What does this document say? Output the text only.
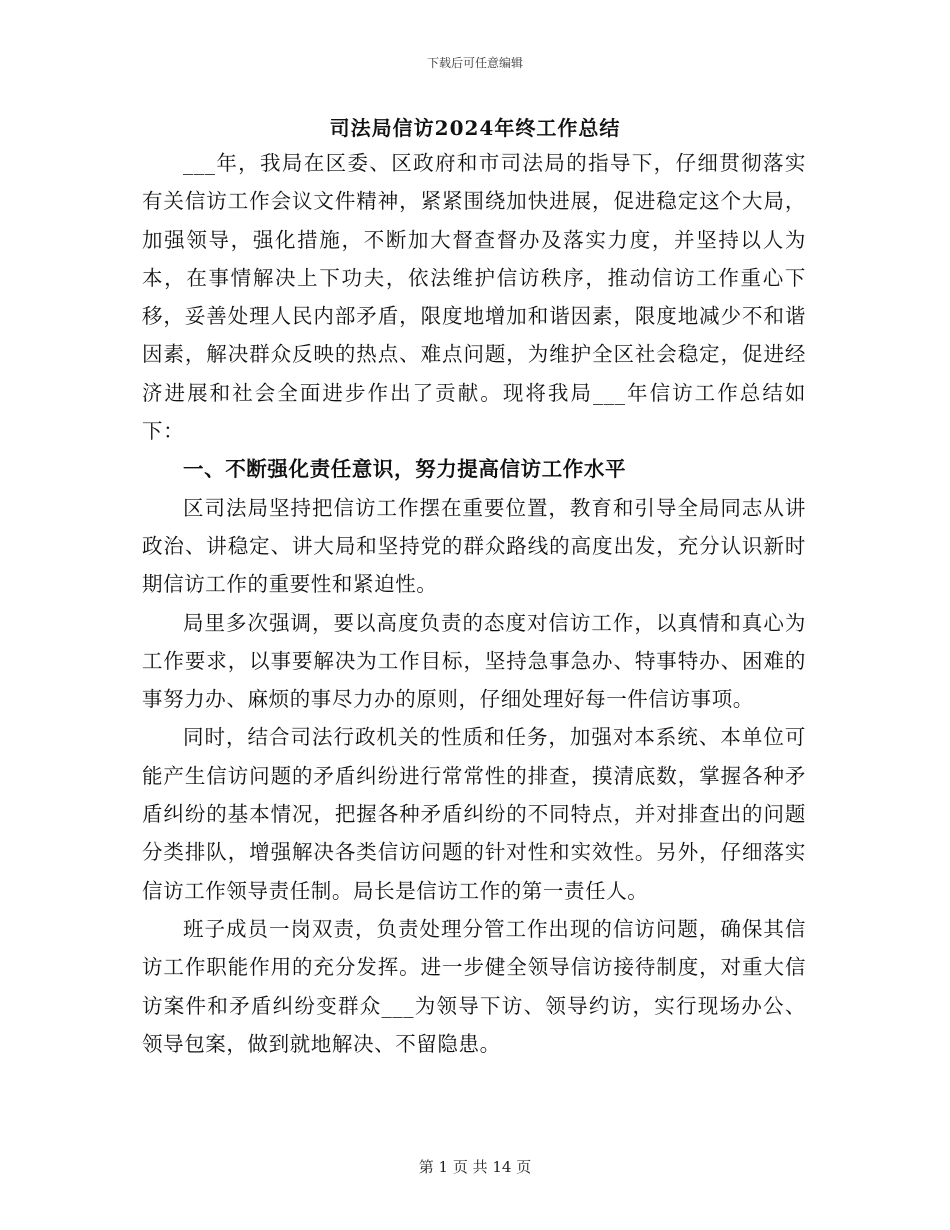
下载后可任意编辑
司法局信访2024年终工作总结

___年，我局在区委、区政府和市司法局的指导下，仔细贯彻落实有关信访工作会议文件精神，紧紧围绕加快进展，促进稳定这个大局，加强领导，强化措施，不断加大督查督办及落实力度，并坚持以人为本，在事情解决上下功夫，依法维护信访秩序，推动信访工作重心下移，妥善处理人民内部矛盾，限度地增加和谐因素，限度地减少不和谐因素，解决群众反映的热点、难点问题，为维护全区社会稳定，促进经济进展和社会全面进步作出了贡献。现将我局___年信访工作总结如下：

一、不断强化责任意识，努力提高信访工作水平

区司法局坚持把信访工作摆在重要位置，教育和引导全局同志从讲政治、讲稳定、讲大局和坚持党的群众路线的高度出发，充分认识新时期信访工作的重要性和紧迫性。

局里多次强调，要以高度负责的态度对信访工作，以真情和真心为工作要求，以事要解决为工作目标，坚持急事急办、特事特办、困难的事努力办、麻烦的事尽力办的原则，仔细处理好每一件信访事项。

同时，结合司法行政机关的性质和任务，加强对本系统、本单位可能产生信访问题的矛盾纠纷进行常常性的排查，摸清底数，掌握各种矛盾纠纷的基本情况，把握各种矛盾纠纷的不同特点，并对排查出的问题分类排队，增强解决各类信访问题的针对性和实效性。另外，仔细落实信访工作领导责任制。局长是信访工作的第一责任人。

班子成员一岗双责，负责处理分管工作出现的信访问题，确保其信访工作职能作用的充分发挥。进一步健全领导信访接待制度，对重大信访案件和矛盾纠纷变群众___为领导下访、领导约访，实行现场办公、领导包案，做到就地解决、不留隐患。

第 1 页 共 14 页
